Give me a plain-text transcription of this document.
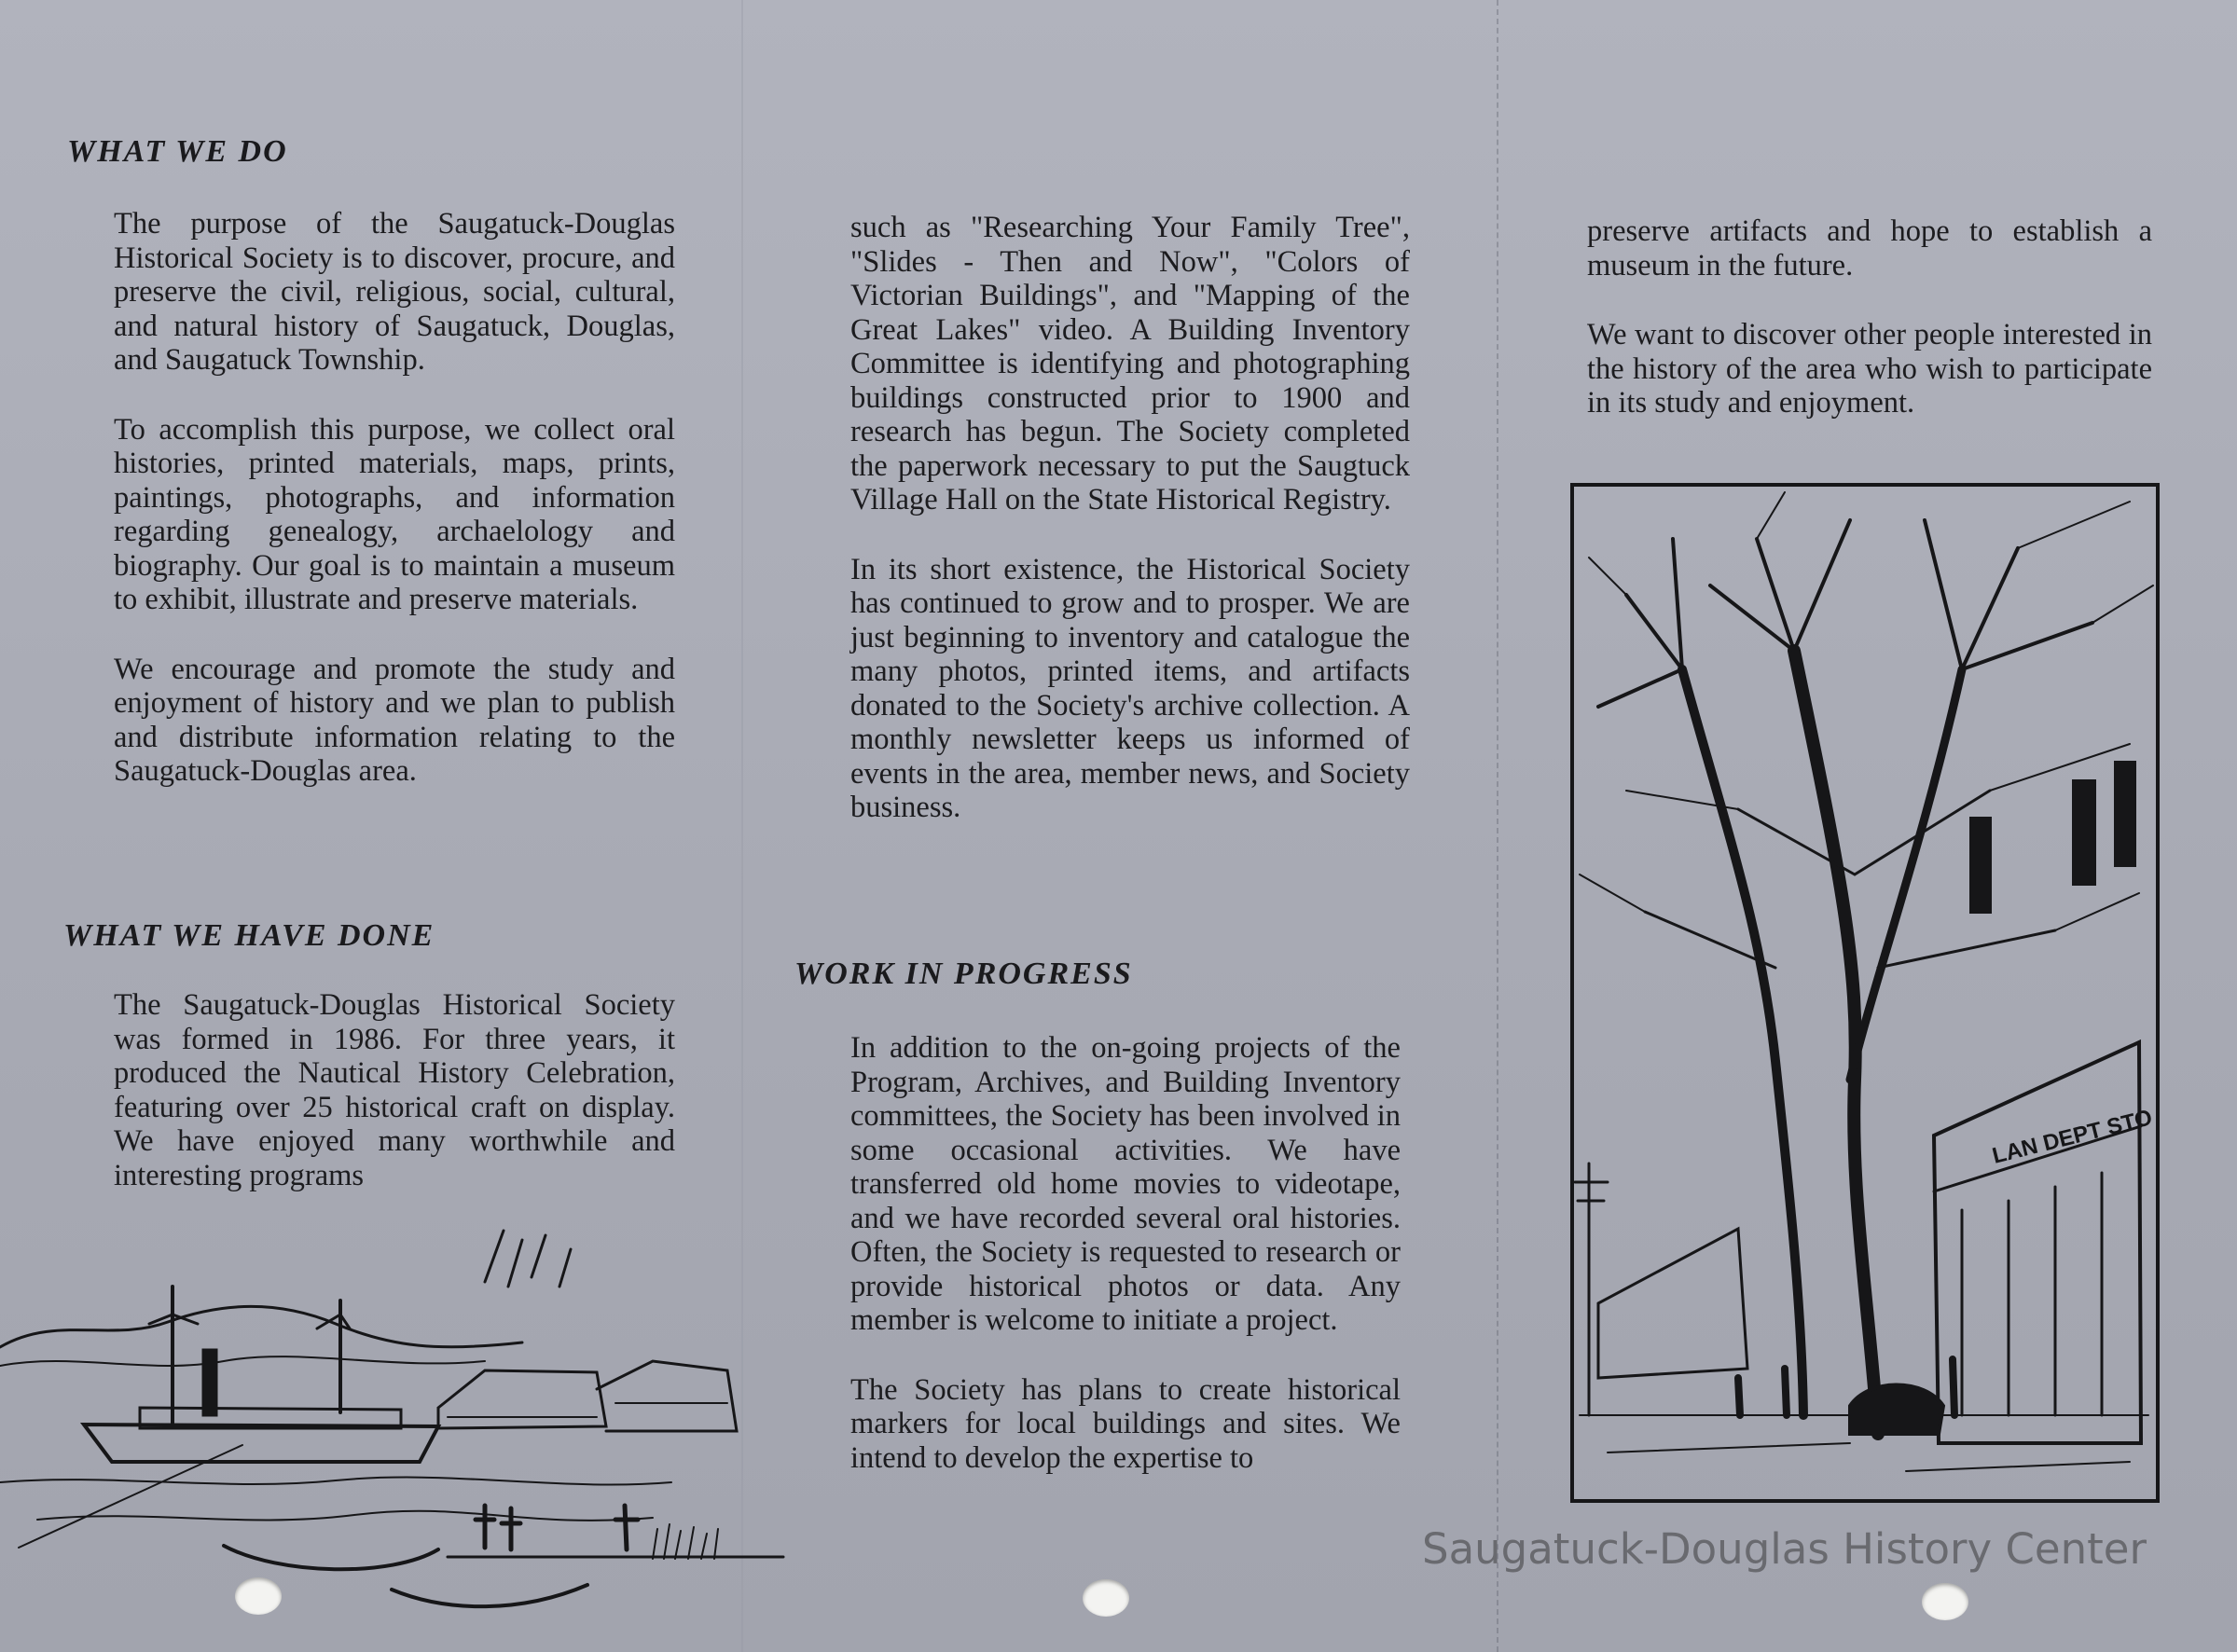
WHAT WE DO

The purpose of the Saugatuck-Douglas Historical Society is to discover, procure, and preserve the civil, religious, social, cultural, and natural history of Saugatuck, Douglas, and Saugatuck Township.

To accomplish this purpose, we collect oral histories, printed materials, maps, prints, paintings, photographs, and information regarding genealogy, archaelology and biography. Our goal is to maintain a museum to exhibit, illustrate and preserve materials.

We encourage and promote the study and enjoyment of history and we plan to publish and distribute information relating to the Saugatuck-Douglas area.

WHAT WE HAVE DONE

The Saugatuck-Douglas Historical Society was formed in 1986. For three years, it produced the Nautical History Celebration, featuring over 25 historical craft on display. We have enjoyed many worthwhile and interesting programs

such as "Researching Your Family Tree", "Slides - Then and Now", "Colors of Victorian Buildings", and "Mapping of the Great Lakes" video. A Building Inventory Committee is identifying and photographing buildings constructed prior to 1900 and research has begun. The Society completed the paperwork necessary to put the Saugtuck Village Hall on the State Historical Registry.

In its short existence, the Historical Society has continued to grow and to prosper. We are just beginning to inventory and catalogue the many photos, printed items, and artifacts donated to the Society's archive collection. A monthly newsletter keeps us informed of events in the area, member news, and Society business.

WORK IN PROGRESS

In addition to the on-going projects of the Program, Archives, and Building Inventory committees, the Society has been involved in some occasional activities. We have transferred old home movies to videotape, and we have recorded several oral histories. Often, the Society is requested to research or provide historical photos or data. Any member is welcome to initiate a project.

The Society has plans to create historical markers for local buildings and sites. We intend to develop the expertise to

preserve artifacts and hope to establish a museum in the future.

We want to discover other people interested in the history of the area who wish to participate in its study and enjoyment.

LAN DEPT STO
Saugatuck-Douglas History Center
